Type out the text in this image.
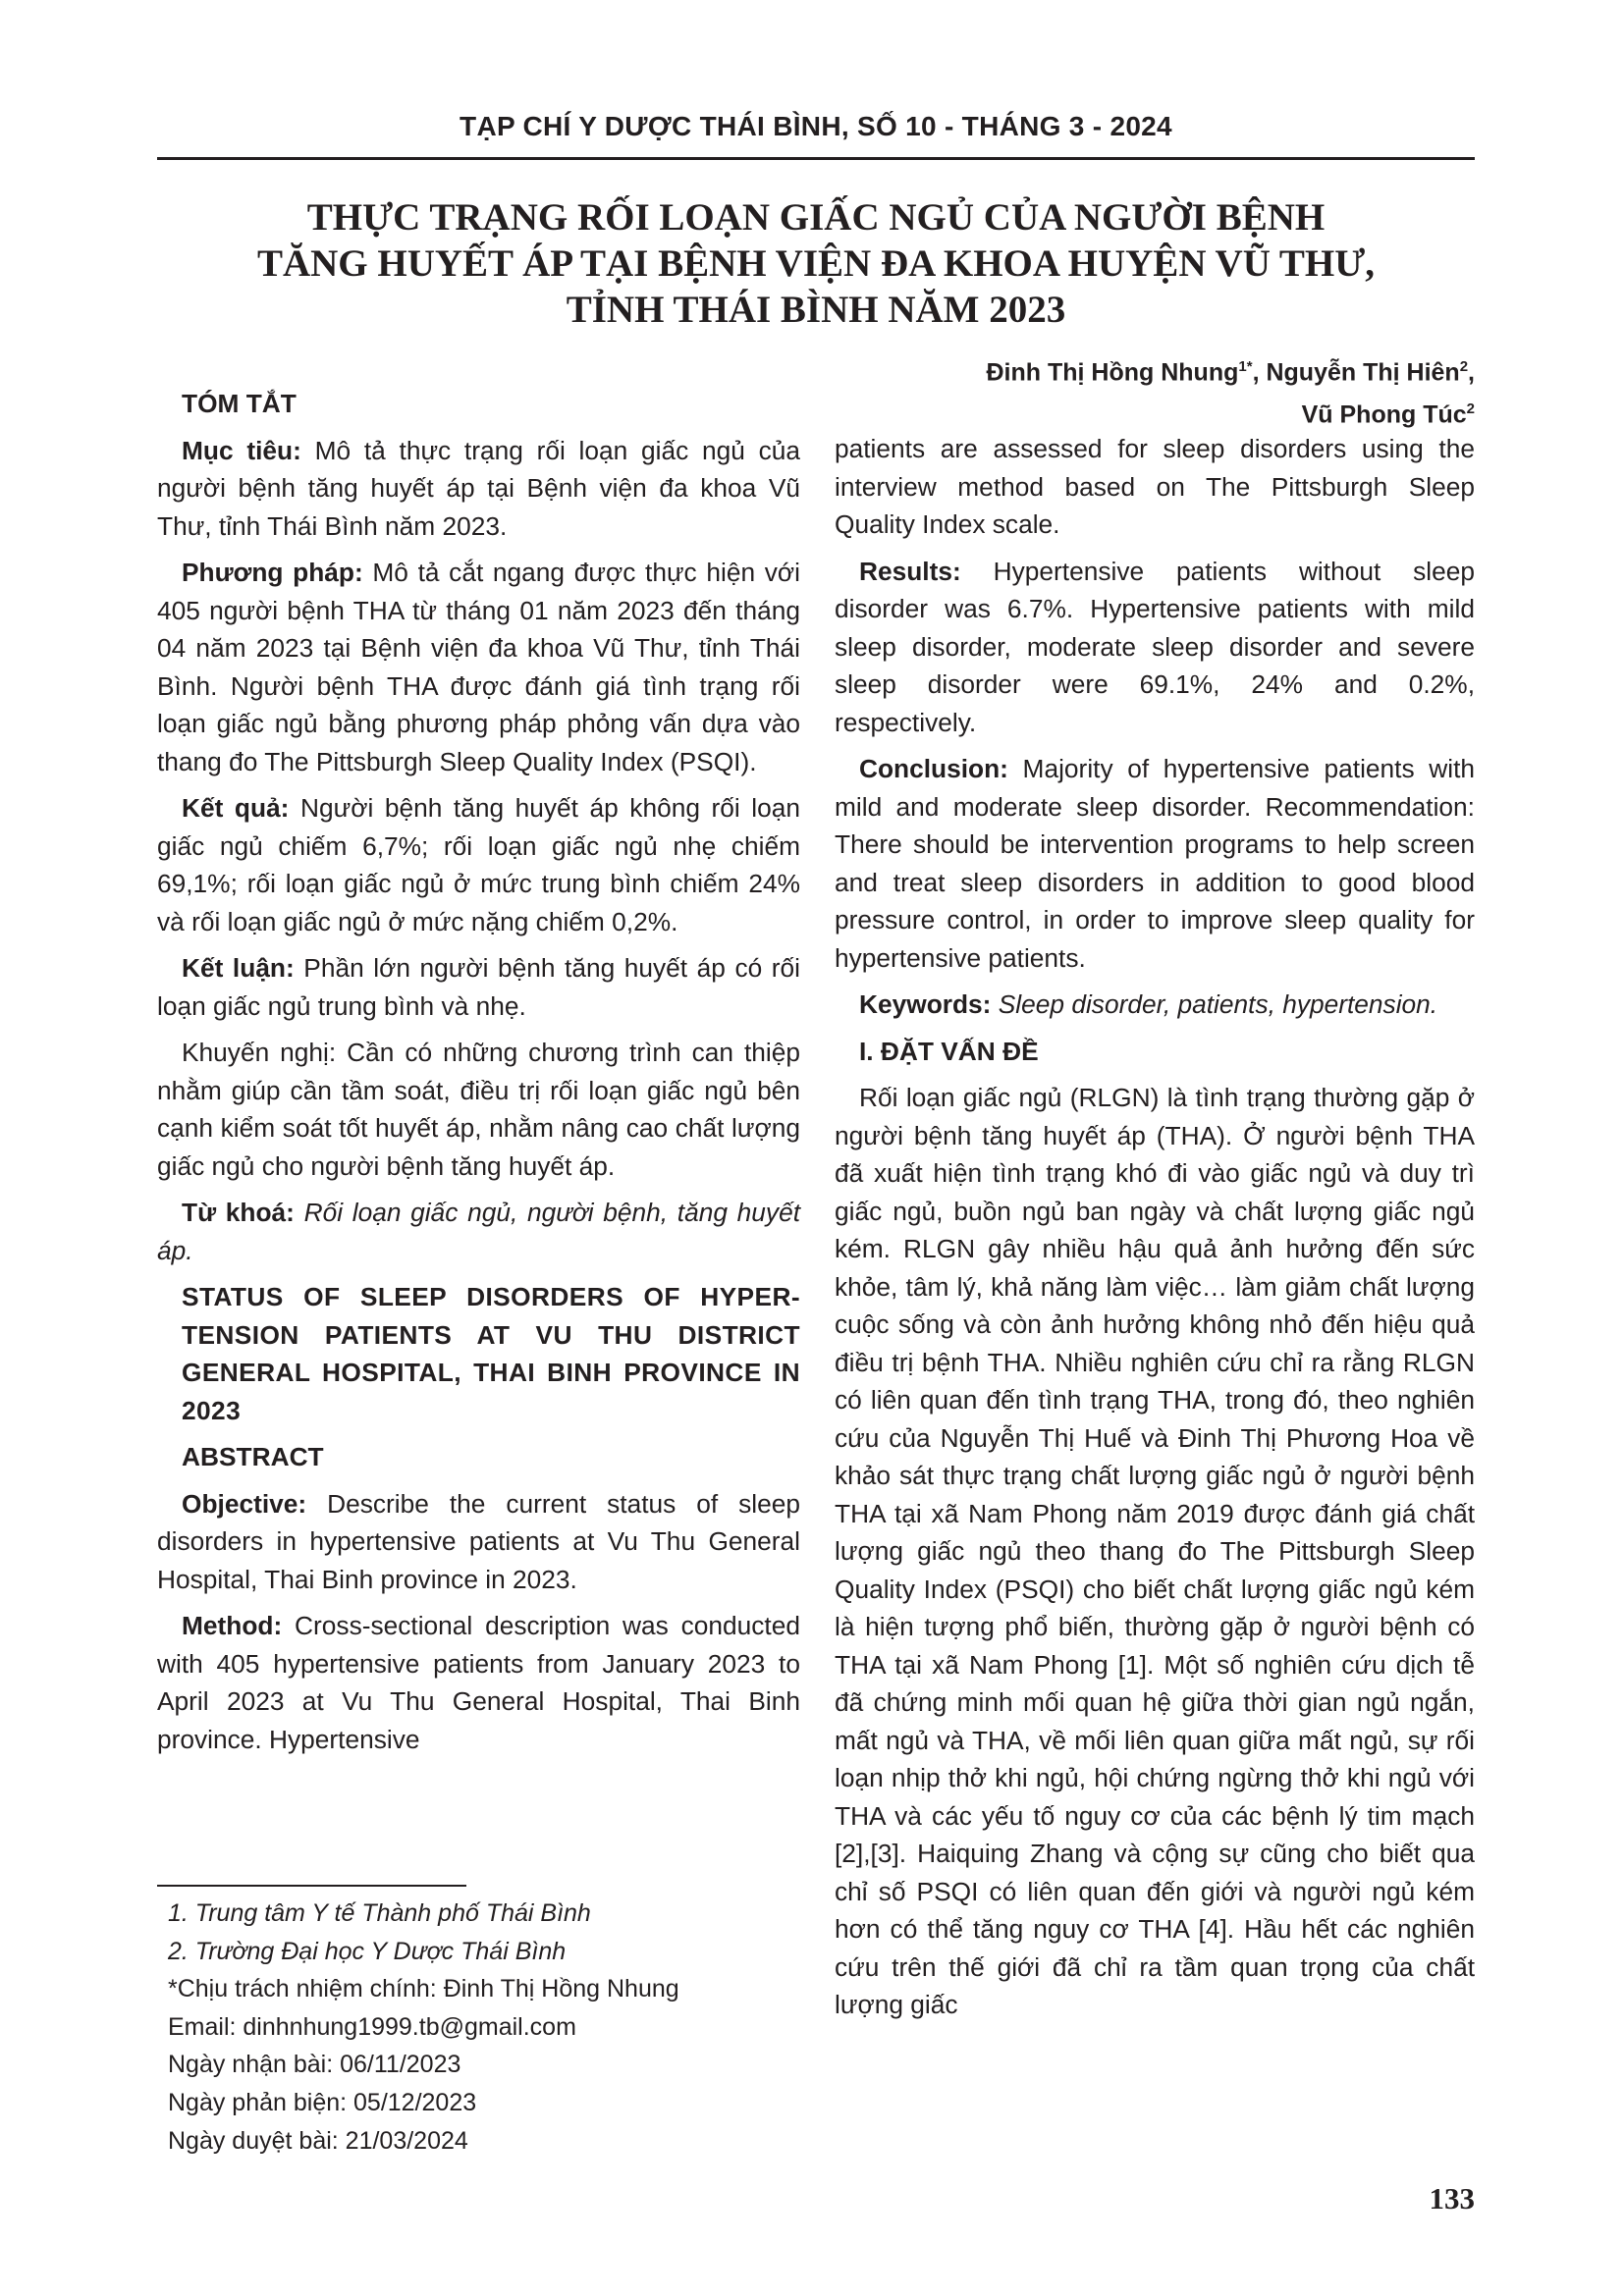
TẠP CHÍ Y DƯỢC THÁI BÌNH, SỐ 10 - THÁNG 3 - 2024
THỰC TRẠNG RỐI LOẠN GIẤC NGỦ CỦA NGƯỜI BỆNH
TĂNG HUYẾT ÁP TẠI BỆNH VIỆN ĐA KHOA HUYỆN VŨ THƯ,
TỈNH THÁI BÌNH NĂM 2023
Đinh Thị Hồng Nhung$^{1*}$, Nguyễn Thị Hiên$^2$,
Vũ Phong Túc$^2$
TÓM TẮT

Mục tiêu: Mô tả thực trạng rối loạn giấc ngủ của người bệnh tăng huyết áp tại Bệnh viện đa khoa Vũ Thư, tỉnh Thái Bình năm 2023.

Phương pháp: Mô tả cắt ngang được thực hiện với 405 người bệnh THA từ tháng 01 năm 2023 đến tháng 04 năm 2023 tại Bệnh viện đa khoa Vũ Thư, tỉnh Thái Bình. Người bệnh THA được đánh giá tình trạng rối loạn giấc ngủ bằng phương pháp phỏng vấn dựa vào thang đo The Pittsburgh Sleep Quality Index (PSQI).

Kết quả: Người bệnh tăng huyết áp không rối loạn giấc ngủ chiếm 6,7%; rối loạn giấc ngủ nhẹ chiếm 69,1%; rối loạn giấc ngủ ở mức trung bình chiếm 24% và rối loạn giấc ngủ ở mức nặng chiếm 0,2%.

Kết luận: Phần lớn người bệnh tăng huyết áp có rối loạn giấc ngủ trung bình và nhẹ.

Khuyến nghị: Cần có những chương trình can thiệp nhằm giúp cần tầm soát, điều trị rối loạn giấc ngủ bên cạnh kiểm soát tốt huyết áp, nhằm nâng cao chất lượng giấc ngủ cho người bệnh tăng huyết áp.

Từ khoá: Rối loạn giấc ngủ, người bệnh, tăng huyết áp.

STATUS OF SLEEP DISORDERS OF HYPER-TENSION PATIENTS AT VU THU DISTRICT GENERAL HOSPITAL, THAI BINH PROVINCE IN 2023
ABSTRACT

Objective: Describe the current status of sleep disorders in hypertensive patients at Vu Thu General Hospital, Thai Binh province in 2023.

Method: Cross-sectional description was conducted with 405 hypertensive patients from January 2023 to April 2023 at Vu Thu General Hospital, Thai Binh province. Hypertensive

1. Trung tâm Y tế Thành phố Thái Bình
2. Trường Đại học Y Dược Thái Bình
*Chịu trách nhiệm chính: Đinh Thị Hồng Nhung
Email: dinhnhung1999.tb@gmail.com
Ngày nhận bài: 06/11/2023
Ngày phản biện: 05/12/2023
Ngày duyệt bài: 21/03/2024

patients are assessed for sleep disorders using the interview method based on The Pittsburgh Sleep Quality Index scale.

Results: Hypertensive patients without sleep disorder was 6.7%. Hypertensive patients with mild sleep disorder, moderate sleep disorder and severe sleep disorder were 69.1%, 24% and 0.2%, respectively.

Conclusion: Majority of hypertensive patients with mild and moderate sleep disorder. Recommendation: There should be intervention programs to help screen and treat sleep disorders in addition to good blood pressure control, in order to improve sleep quality for hypertensive patients.

Keywords: Sleep disorder, patients, hypertension.

I. ĐẶT VẤN ĐỀ

Rối loạn giấc ngủ (RLGN) là tình trạng thường gặp ở người bệnh tăng huyết áp (THA). Ở người bệnh THA đã xuất hiện tình trạng khó đi vào giấc ngủ và duy trì giấc ngủ, buồn ngủ ban ngày và chất lượng giấc ngủ kém. RLGN gây nhiều hậu quả ảnh hưởng đến sức khỏe, tâm lý, khả năng làm việc… làm giảm chất lượng cuộc sống và còn ảnh hưởng không nhỏ đến hiệu quả điều trị bệnh THA. Nhiều nghiên cứu chỉ ra rằng RLGN có liên quan đến tình trạng THA, trong đó, theo nghiên cứu của Nguyễn Thị Huế và Đinh Thị Phương Hoa về khảo sát thực trạng chất lượng giấc ngủ ở người bệnh THA tại xã Nam Phong năm 2019 được đánh giá chất lượng giấc ngủ theo thang đo The Pittsburgh Sleep Quality Index (PSQI) cho biết chất lượng giấc ngủ kém là hiện tượng phổ biến, thường gặp ở người bệnh có THA tại xã Nam Phong [1]. Một số nghiên cứu dịch tễ đã chứng minh mối quan hệ giữa thời gian ngủ ngắn, mất ngủ và THA, về mối liên quan giữa mất ngủ, sự rối loạn nhịp thở khi ngủ, hội chứng ngừng thở khi ngủ với THA và các yếu tố nguy cơ của các bệnh lý tim mạch [2],[3]. Haiquing Zhang và cộng sự cũng cho biết qua chỉ số PSQI có liên quan đến giới và người ngủ kém hơn có thể tăng nguy cơ THA [4]. Hầu hết các nghiên cứu trên thế giới đã chỉ ra tầm quan trọng của chất lượng giấc

133
